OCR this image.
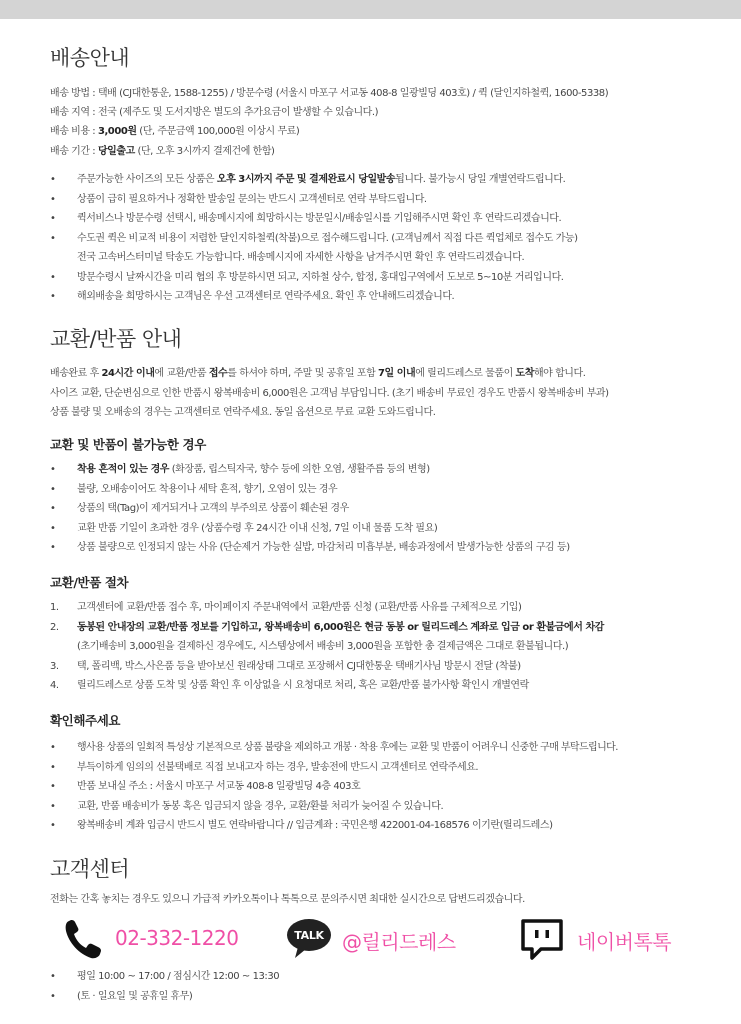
배송안내

배송 방법 : 택배 (CJ대한통운, 1588-1255) / 방문수령 (서울시 마포구 서교동 408-8 일광빌딩 403호) / 퀵 (달인지하철퀵, 1600-5338)

배송 지역 : 전국 (제주도 및 도서지방은 별도의 추가요금이 발생할 수 있습니다.)

배송 비용 : 3,000원 (단, 주문금액 100,000원 이상시 무료)

배송 기간 : 당일출고 (단, 오후 3시까지 결제건에 한함)

•	주문가능한 사이즈의 모든 상품은 오후 3시까지 주문 및 결제완료시 당일발송됩니다. 불가능시 당일 개별연락드립니다.
•	상품이 급히 필요하거나 정확한 발송일 문의는 반드시 고객센터로 연락 부탁드립니다.
•	퀵서비스나 방문수령 선택시, 배송메시지에 희망하시는 방문일시/배송일시를 기입해주시면 확인 후 연락드리겠습니다.
•	수도권 퀵은 비교적 비용이 저렴한 달인지하철퀵(착불)으로 접수해드립니다. (고객님께서 직접 다른 퀵업체로 접수도 가능)
전국 고속버스터미널 탁송도 가능합니다. 배송메시지에 자세한 사항을 남겨주시면 확인 후 연락드리겠습니다.
•	방문수령시 날짜시간을 미리 협의 후 방문하시면 되고, 지하철 상수, 합정, 홍대입구역에서 도보로 5~10분 거리입니다.
•	해외배송을 희망하시는 고객님은 우선 고객센터로 연락주세요. 확인 후 안내해드리겠습니다.
교환/반품 안내

배송완료 후 24시간 이내에 교환/반품 접수를 하셔야 하며, 주말 및 공휴일 포함 7일 이내에 릴리드레스로 물품이 도착해야 합니다.

사이즈 교환, 단순변심으로 인한 반품시 왕복배송비 6,000원은 고객님 부담입니다. (초기 배송비 무료인 경우도 반품시 왕복배송비 부과)

상품 불량 및 오배송의 경우는 고객센터로 연락주세요. 동일 옵션으로 무료 교환 도와드립니다.

교환 및 반품이 불가능한 경우
•	착용 흔적이 있는 경우 (화장품, 립스틱자국, 향수 등에 의한 오염, 생활주름 등의 변형)
•	불량, 오배송이어도 착용이나 세탁 흔적, 향기, 오염이 있는 경우
•	상품의 택(Tag)이 제거되거나 고객의 부주의로 상품이 훼손된 경우
•	교환 반품 기일이 초과한 경우 (상품수령 후 24시간 이내 신청, 7일 이내 물품 도착 필요)
•	상품 불량으로 인정되지 않는 사유 (단순제거 가능한 실밥, 마감처리 미흡부분, 배송과정에서 발생가능한 상품의 구김 등)
교환/반품 절차
1. 고객센터에 교환/반품 접수 후, 마이페이지 주문내역에서 교환/반품 신청 (교환/반품 사유를 구체적으로 기입)
2. 동봉된 안내장의 교환/반품 정보를 기입하고, 왕복배송비 6,000원은 현금 동봉 or 릴리드레스 계좌로 입금 or 환불금에서 차감
(초기배송비 3,000원을 결제하신 경우에도, 시스템상에서 배송비 3,000원을 포함한 총 결제금액은 그대로 환불됩니다.)
3. 택, 폴리백, 박스,사은품 등을 받아보신 원래상태 그대로 포장해서 CJ대한통운 택배기사님 방문시 전달 (착불)
4. 릴리드레스로 상품 도착 및 상품 확인 후 이상없을 시 요청대로 처리, 혹은 교환/반품 불가사항 확인시 개별연락
확인해주세요
•	행사용 상품의 일회적 특성상 기본적으로 상품 불량을 제외하고 개봉 · 착용 후에는 교환 및 반품이 어려우니 신중한 구매 부탁드립니다.
•	부득이하게 임의의 선불택배로 직접 보내고자 하는 경우, 발송전에 반드시 고객센터로 연락주세요.
•	반품 보내실 주소 : 서울시 마포구 서교동 408-8 일광빌딩 4층 403호
•	교환, 반품 배송비가 동봉 혹은 입금되지 않을 경우, 교환/환불 처리가 늦어질 수 있습니다.
•	왕복배송비 계좌 입금시 반드시 별도 연락바랍니다 // 입금계좌 : 국민은행 422001-04-168576 이기란(릴리드레스)
고객센터

전화는 간혹 놓치는 경우도 있으니 가급적 카카오톡이나 톡톡으로 문의주시면 최대한 실시간으로 답변드리겠습니다.

02-332-1220	TALK @릴리드레스	네이버톡톡
•	평일 10:00 ~ 17:00 / 점심시간 12:00 ~ 13:30
•	(토 · 일요일 및 공휴일 휴무)
